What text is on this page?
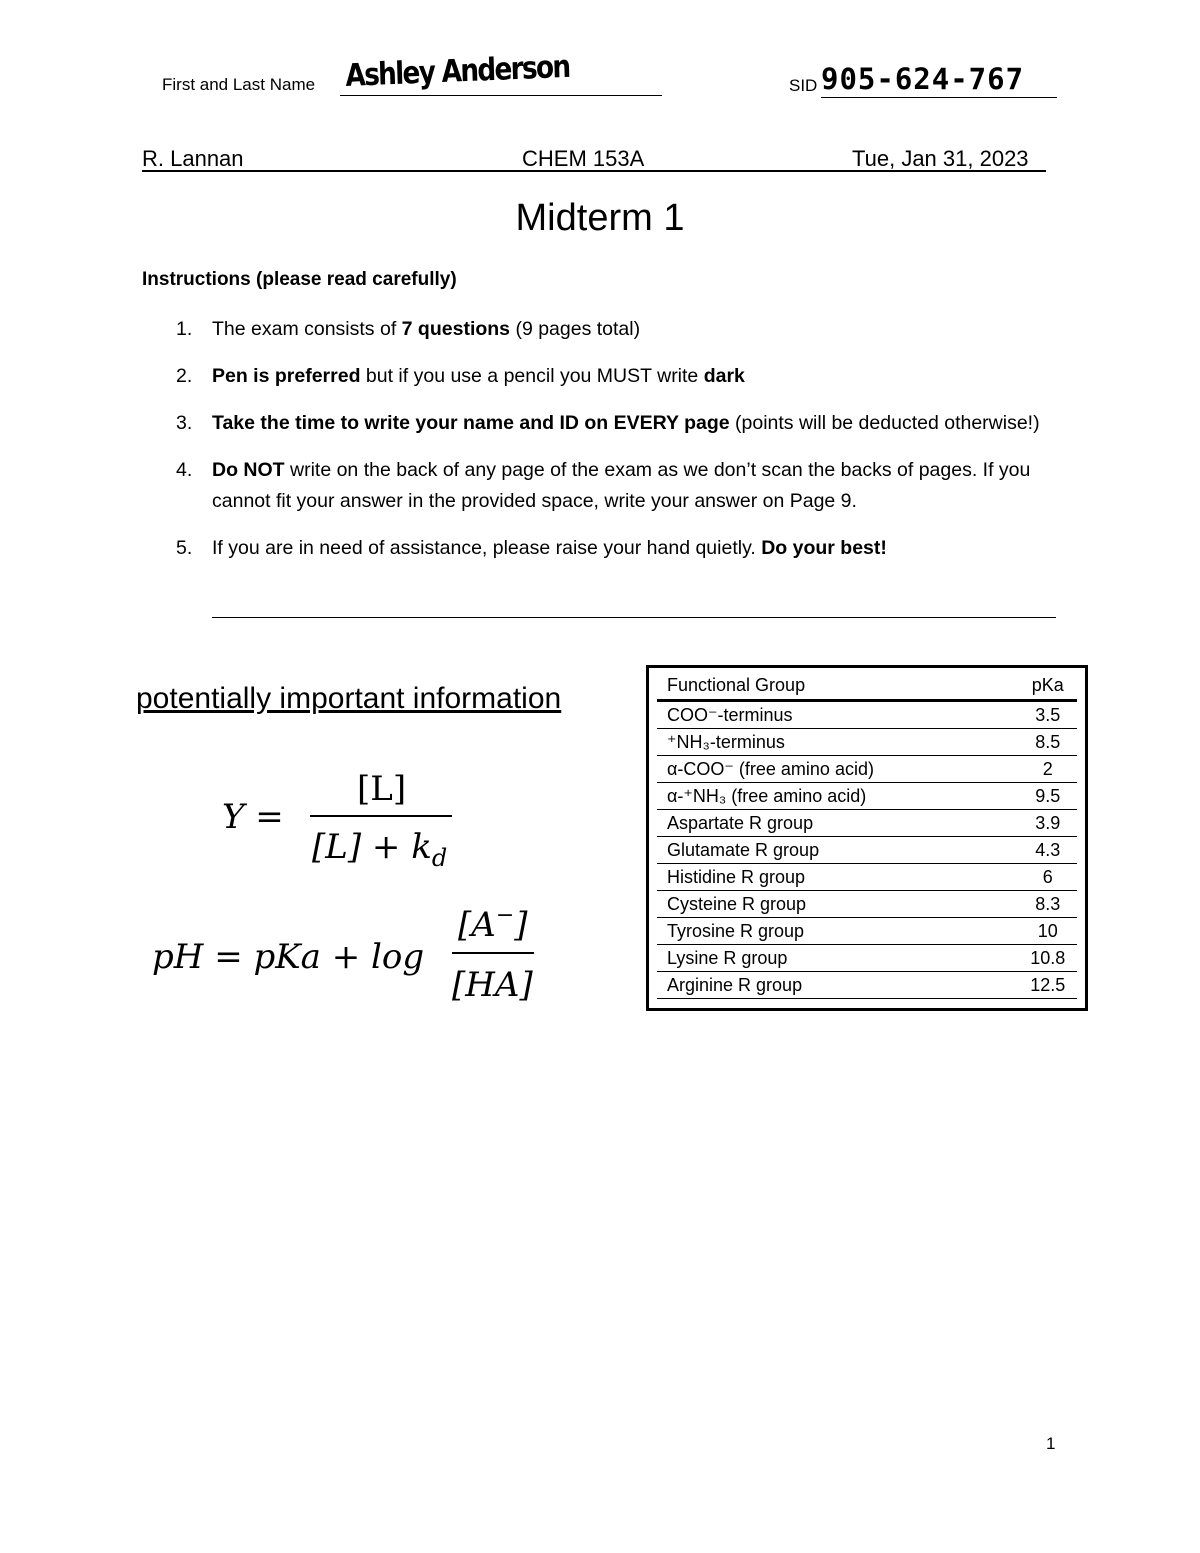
First and Last Name Ashley Anderson	SID 905-624-767
R. Lannan	CHEM 153A	Tue, Jan 31, 2023
Midterm 1
Instructions (please read carefully)
1. The exam consists of 7 questions (9 pages total)
2. Pen is preferred but if you use a pencil you MUST write dark
3. Take the time to write your name and ID on EVERY page (points will be deducted otherwise!)
4. Do NOT write on the back of any page of the exam as we don’t scan the backs of pages. If you cannot fit your answer in the provided space, write your answer on Page 9.
5. If you are in need of assistance, please raise your hand quietly. Do your best!
potentially important information
Y =
[L]
$[L] + k_d$
pH = pKa + log
[A−]
[HA]
Functional Group	pKa
COO⁻-terminus	3.5
⁺NH₃-terminus	8.5
α-COO⁻ (free amino acid)	2
α-⁺NH₃ (free amino acid)	9.5
Aspartate R group	3.9
Glutamate R group	4.3
Histidine R group	6
Cysteine R group	8.3
Tyrosine R group	10
Lysine R group	10.8
Arginine R group	12.5
1
